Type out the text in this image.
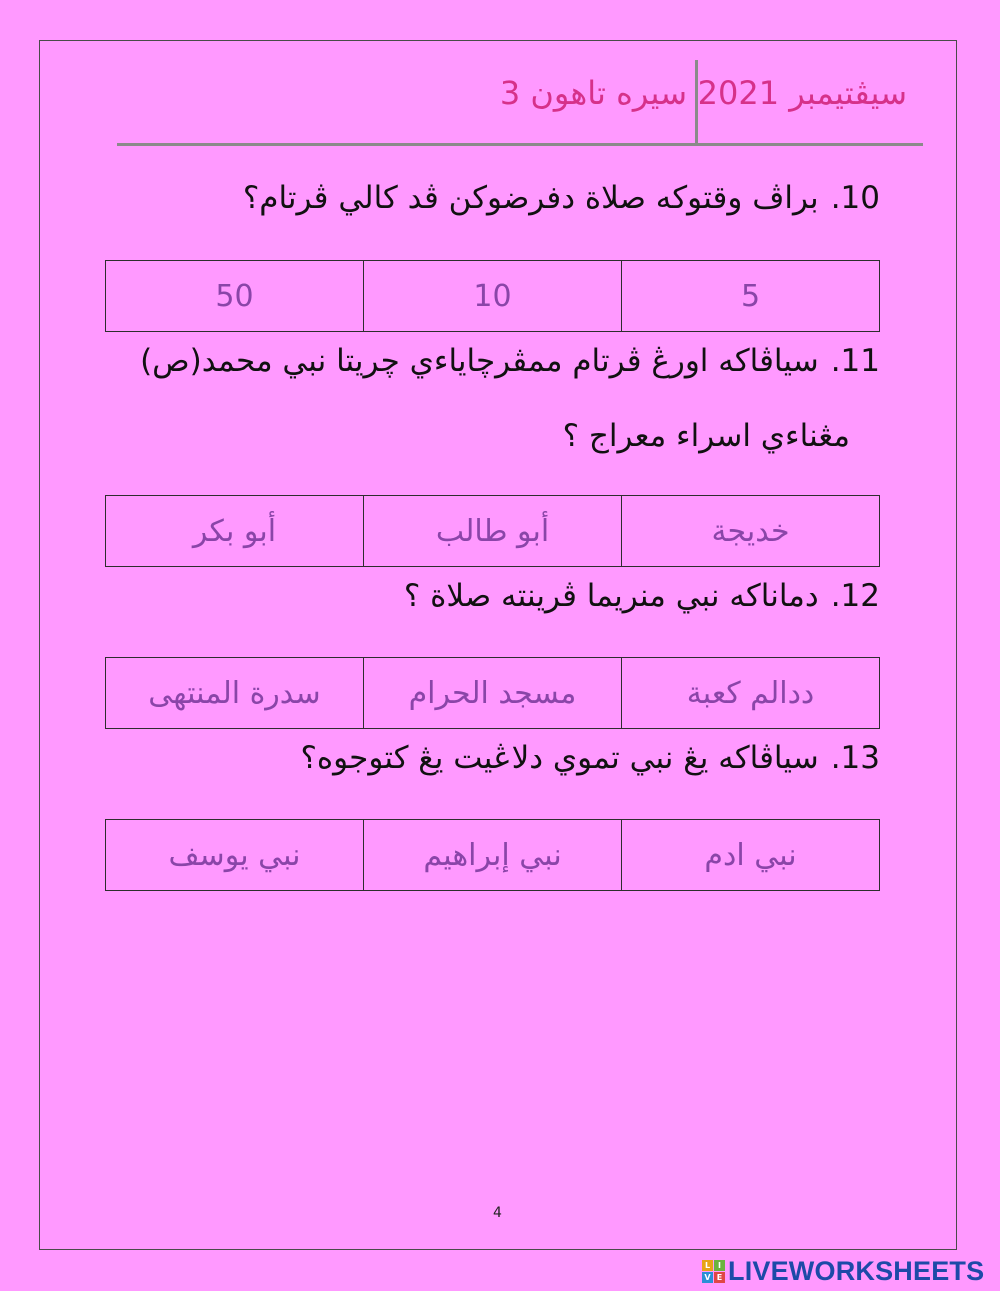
سيڤتيمبر 2021
سيره تاهون 3
10.براڤ وقتوكه صلاة دفرضوكن ڤد كالي ڤرتام؟
50	10	5
11.سياڤاكه اورڠ ڤرتام ممڤرچاياءي چريتا نبي محمد(ص)
مڠناءي اسراء معراج ؟
أبو بكر	أبو طالب	خديجة
12.دماناكه نبي منريما ڤرينته صلاة ؟
سدرة المنتهى	مسجد الحرام	ددالم كعبة
13.سياڤاكه يڠ نبي تموي دلاڠيت يڠ كتوجوه؟
نبي يوسف	نبي إبراهيم	نبي ادم
4
L I
V E LIVEWORKSHEETS
